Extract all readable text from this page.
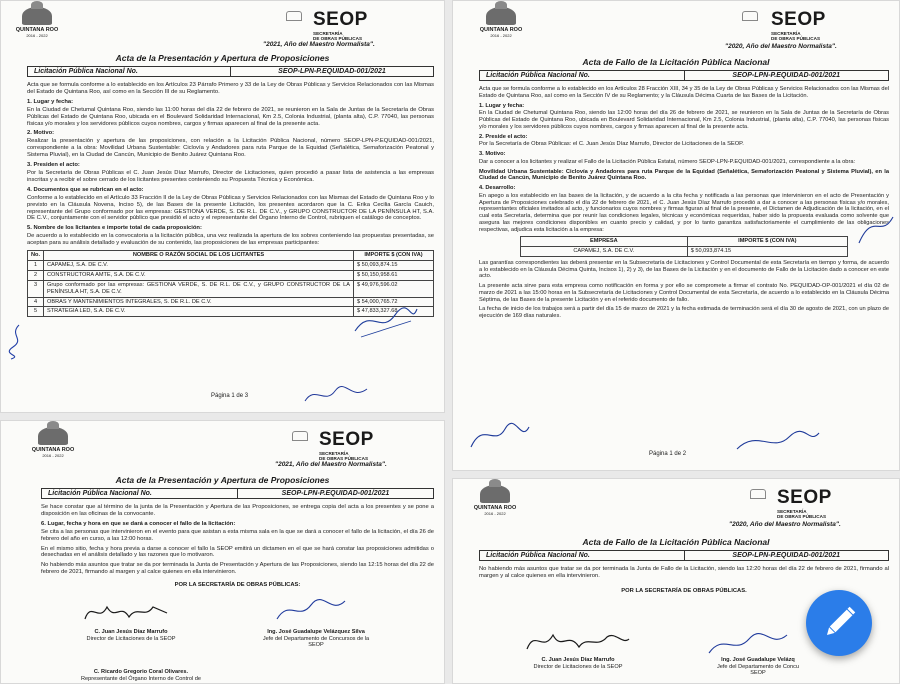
QUINTANA ROO
2016 - 2022
SEOP
SECRETARÍA
DE OBRAS PÚBLICAS
"2021, Año del Maestro Normalista".
Acta de la Presentación y Apertura de Proposiciones
Licitación Pública Nacional No.	SEOP-LPN-P.EQUIDAD-001/2021

Acta que se formula conforme a lo establecido en los Artículos 23 Párrafo Primero y 33 de la Ley de Obras Públicas y Servicios Relacionados con las Mismas del Estado de Quintana Roo, así como en la Sección III de su Reglamento.

1. Lugar y fecha:

En la Ciudad de Chetumal Quintana Roo, siendo las 11:00 horas del día 22 de febrero de 2021, se reunieron en la Sala de Juntas de la Secretaría de Obras Públicas del Estado de Quintana Roo, ubicada en el Boulevard Solidaridad Internacional, Km 2.5, Colonia Industrial, (planta alta), C.P. 77040, las personas físicas y/o morales y los servidores públicos cuyos nombres, cargos y firmas aparecen al final de la presente acta.

2. Motivo:

Realizar la presentación y apertura de las proposiciones, con relación a la Licitación Pública Nacional, número SEOP-LPN-P.EQUIDAD-001/2021, correspondiente a la obra: Movilidad Urbana Sustentable: Ciclovía y Andadores para ruta Parque de la Equidad (Señalética, Semaforización Peatonal y Sistema Pluvial), en la Ciudad de Cancún, Municipio de Benito Juárez Quintana Roo.

3. Presiden el acto:

Por la Secretaría de Obras Públicas el C. Juan Jesús Díaz Marrufo, Director de Licitaciones, quien procedió a pasar lista de asistencia a las empresas inscritas y a recibir el sobre cerrado de los licitantes presentes conteniendo su Propuesta Técnica y Económica.

4. Documentos que se rubrican en el acto:

Conforme a lo establecido en el Artículo 33 Fracción II de la Ley de Obras Públicas y Servicios Relacionados con las Mismas del Estado de Quintana Roo y lo previsto en la Cláusula Novena, Inciso 5), de las Bases de la presente Licitación, los presentes acordaron que la C. Erika Cecilia García Cauich, representante del Grupo conformado por las empresas: GESTIONA VERDE, S. DE R.L. DE C.V., y GRUPO CONSTRUCTOR DE LA PENÍNSULA HT, S.A. DE C.V., conjuntamente con el servidor público que presidió el acto y el representante del Órgano Interno de Control, rubriquen el catálogo de conceptos.

5. Nombre de los licitantes e importe total de cada proposición:

De acuerdo a lo establecido en la convocatoria a la licitación pública, una vez realizada la apertura de los sobres conteniendo las propuestas presentadas, se aceptan para su análisis detallado y evaluación de su contenido, las proposiciones de las empresas participantes:

No.	NOMBRE O RAZÓN SOCIAL DE LOS LICITANTES	IMPORTE $ (CON IVA)
1	CAPAMEJ, S.A. DE C.V.	$ 50,093,874.15
2	CONSTRUCTORA AMTE, S.A. DE C.V.	$ 50,150,958.61
3	Grupo conformado por las empresas: GESTIONA VERDE, S. DE R.L. DE C.V., y GRUPO CONSTRUCTOR DE LA PENÍNSULA HT, S.A. DE C.V.	$ 49,976,596.02
4	OBRAS Y MANTENIMIENTOS INTEGRALES, S. DE R.L. DE C.V.	$ 54,000,765.72
5	STRATEGIA LED, S.A. DE C.V.	$ 47,833,327.68
Página 1 de 3
QUINTANA ROO
2016 - 2022
SEOP
SECRETARÍA
DE OBRAS PÚBLICAS
"2020, Año del Maestro Normalista".
Acta de Fallo de la Licitación Pública Nacional
Licitación Pública Nacional No.	SEOP-LPN-P.EQUIDAD-001/2021

Acta que se formula conforme a lo establecido en los Artículos 28 Fracción XIII, 34 y 35 de la Ley de Obras Públicas y Servicios Relacionados con las Mismas del Estado de Quintana Roo, así como en la Sección IV de su Reglamento; y la Cláusula Décima Cuarta de las Bases de la Licitación.

1. Lugar y fecha:

En la Ciudad de Chetumal Quintana Roo, siendo las 12:00 horas del día 26 de febrero de 2021, se reunieron en la Sala de Juntas de la Secretaría de Obras Públicas del Estado de Quintana Roo, ubicada en Boulevard Solidaridad Internacional, Km 2.5, Colonia Industrial, (planta alta), C.P. 77040, las personas físicas y/o morales y los servidores públicos cuyos nombres, cargos y firmas aparecen al final de la presente acta.

2. Preside el acto:

Por la Secretaría de Obras Públicas: el C. Juan Jesús Díaz Marrufo, Director de Licitaciones de la SEOP.

3. Motivo:

Dar a conocer a los licitantes y realizar el Fallo de la Licitación Pública Estatal, número SEOP-LPN-P.EQUIDAD-001/2021, correspondiente a la obra:

Movilidad Urbana Sustentable: Ciclovía y Andadores para ruta Parque de la Equidad (Señalética, Semaforización Peatonal y Sistema Pluvial), en la Ciudad de Cancún, Municipio de Benito Juárez Quintana Roo.

4. Desarrollo:

En apego a los establecido en las bases de la licitación, y de acuerdo a la cita fecha y notificada a las personas que intervinieron en el acto de Presentación y Apertura de Proposiciones celebrado el día 22 de febrero de 2021, el C. Juan Jesús Díaz Marrufo procedió a dar a conocer a las personas físicas y/o morales, representantes oficiales invitados al acto, y funcionarios cuyos nombres y firmas figuran al final de la presente, el Dictamen de Adjudicación de la licitación, en el cual esta Secretaría, determina que por reunir las condiciones legales, técnicas y económicas requeridas, haber sido la propuesta evaluada como solvente que asegura las mejores condiciones disponibles en cuanto precio y calidad, y por lo tanto garantiza satisfactoriamente el cumplimiento de las obligaciones respectivas, adjudica esta licitación a la empresa:

EMPRESA	IMPORTE $ (CON IVA)
CAPAMEJ, S.A. DE C.V.	$ 50,093,874.15

Las garantías correspondientes las deberá presentar en la Subsecretaría de Licitaciones y Control Documental de esta Secretaría en tiempo y forma, de acuerdo a lo establecido en la Cláusula Décima Quinta, Incisos 1), 2) y 3), de las Bases de la Licitación y en el documento de Fallo de la Licitación dado a conocer en este acto.

La presente acta sirve para esta empresa como notificación en forma y por ello se compromete a firmar el contrato No. PEQUIDAD-OP-001/2021 el día 02 de marzo de 2021 a las 15:00 horas en la Subsecretaría de Licitaciones y Control Documental de esta Secretaría, de acuerdo a lo establecido en la Cláusula Décima Séptima, de las Bases de la presente Licitación y en el referido documento de fallo.

La fecha de inicio de los trabajos será a partir del día 15 de marzo de 2021 y la fecha estimada de terminación será el día 30 de agosto de 2021, con un plazo de ejecución de 169 días naturales.

Página 1 de 2
QUINTANA ROO
2016 - 2022
SEOP
SECRETARÍA
DE OBRAS PÚBLICAS
"2021, Año del Maestro Normalista".
Acta de la Presentación y Apertura de Proposiciones
Licitación Pública Nacional No.	SEOP-LPN-P.EQUIDAD-001/2021

Se hace constar que al término de la junta de la Presentación y Apertura de las Proposiciones, se entrega copia del acta a los presentes y se pone a disposición en las oficinas de la convocante.

6. Lugar, fecha y hora en que se dará a conocer el fallo de la licitación:

Se cita a las personas que intervinieron en el evento para que asistan a esta misma sala en la que se dará a conocer el fallo de la licitación, el día 26 de febrero del año en curso, a las 12:00 horas.

En el mismo sitio, fecha y hora previa a darse a conocer el fallo la SEOP emitirá un dictamen en el que se hará constar las proposiciones admitidas o desechadas en el análisis detallado y las razones que lo motivaron.

No habiendo más asuntos que tratar se da por terminada la Junta de Presentación y Apertura de las Proposiciones, siendo las 12:15 horas del día 22 de febrero de 2021, firmando al margen y al calce quienes en ella intervinieron.

POR LA SECRETARÍA DE OBRAS PÚBLICAS:

C. Juan Jesús Díaz Marrufo
Director de Licitaciones de la SEOP
Ing. José Guadalupe Velázquez Silva
Jefe del Departamento de Concursos de la
SEOP
C. Ricardo Gregorio Coral Olivares.
Representante del Órgano Interno de Control de
QUINTANA ROO
2016 - 2022
SEOP
SECRETARÍA
DE OBRAS PÚBLICAS
"2020, Año del Maestro Normalista".
Acta de Fallo de la Licitación Pública Nacional
Licitación Pública Nacional No.	SEOP-LPN-P.EQUIDAD-001/2021

No habiendo más asuntos que tratar se da por terminada la Junta de Fallo de la Licitación, siendo las 12:20 horas del día 22 de febrero de 2021, firmando al margen y al calce quienes en ella intervinieron.

POR LA SECRETARÍA DE OBRAS PÚBLICAS.

C. Juan Jesús Díaz Marrufo
Director de Licitaciones de la SEOP
Ing. José Guadalupe Velázq
Jefe del Departamento de Concu
SEOP
